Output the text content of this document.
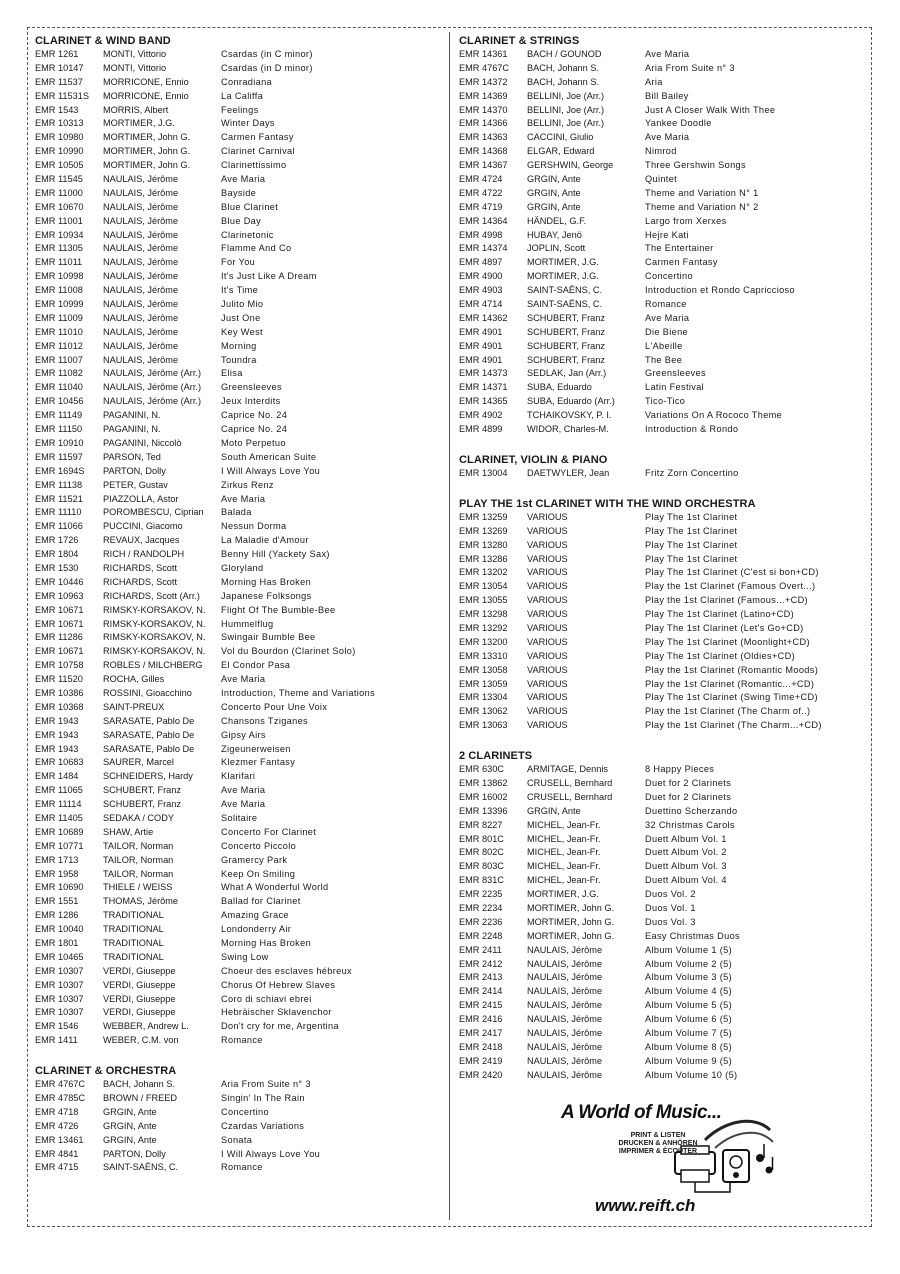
CLARINET & WIND BAND
EMR 1261	MONTI, Vittorio	Csardas (in C minor)
EMR 10147	MONTI, Vittorio	Csardas (in D minor)
EMR 11537	MORRICONE, Ennio	Conradiana
EMR 11531S	MORRICONE, Ennio	La Califfa
EMR 1543	MORRIS, Albert	Feelings
EMR 10313	MORTIMER, J.G.	Winter Days
EMR 10980	MORTIMER, John G.	Carmen Fantasy
EMR 10990	MORTIMER, John G.	Clarinet Carnival
EMR 10505	MORTIMER, John G.	Clarinettissimo
EMR 11545	NAULAIS, Jérôme	Ave Maria
EMR 11000	NAULAIS, Jérôme	Bayside
EMR 10670	NAULAIS, Jérôme	Blue Clarinet
EMR 11001	NAULAIS, Jérôme	Blue Day
EMR 10934	NAULAIS, Jérôme	Clarinetonic
EMR 11305	NAULAIS, Jérôme	Flamme And Co
EMR 11011	NAULAIS, Jérôme	For You
EMR 10998	NAULAIS, Jérôme	It's Just Like A Dream
EMR 11008	NAULAIS, Jérôme	It's Time
EMR 10999	NAULAIS, Jérôme	Julito Mio
EMR 11009	NAULAIS, Jérôme	Just One
EMR 11010	NAULAIS, Jérôme	Key West
EMR 11012	NAULAIS, Jérôme	Morning
EMR 11007	NAULAIS, Jérôme	Toundra
EMR 11082	NAULAIS, Jérôme (Arr.)	Elisa
EMR 11040	NAULAIS, Jérôme (Arr.)	Greensleeves
EMR 10456	NAULAIS, Jérôme (Arr.)	Jeux Interdits
EMR 11149	PAGANINI, N.	Caprice No. 24
EMR 11150	PAGANINI, N.	Caprice No. 24
EMR 10910	PAGANINI, Niccolò	Moto Perpetuo
EMR 11597	PARSON, Ted	South American Suite
EMR 1694S	PARTON, Dolly	I Will Always Love You
EMR 11138	PETER, Gustav	Zirkus Renz
EMR 11521	PIAZZOLLA, Astor	Ave Maria
EMR 11110	POROMBESCU, Ciprian	Balada
EMR 11066	PUCCINI, Giacomo	Nessun Dorma
EMR 1726	REVAUX, Jacques	La Maladie d'Amour
EMR 1804	RICH / RANDOLPH	Benny Hill (Yackety Sax)
EMR 1530	RICHARDS, Scott	Gloryland
EMR 10446	RICHARDS, Scott	Morning Has Broken
EMR 10963	RICHARDS, Scott (Arr.)	Japanese Folksongs
EMR 10671	RIMSKY-KORSAKOV, N.	Flight Of The Bumble-Bee
EMR 10671	RIMSKY-KORSAKOV, N.	Hummelflug
EMR 11286	RIMSKY-KORSAKOV, N.	Swingair Bumble Bee
EMR 10671	RIMSKY-KORSAKOV, N.	Vol du Bourdon (Clarinet Solo)
EMR 10758	ROBLES / MILCHBERG	El Condor Pasa
EMR 11520	ROCHA, Gilles	Ave Maria
EMR 10386	ROSSINI, Gioacchino	Introduction, Theme and Variations
EMR 10368	SAINT-PREUX	Concerto Pour Une Voix
EMR 1943	SARASATE, Pablo De	Chansons Tziganes
EMR 1943	SARASATE, Pablo De	Gipsy Airs
EMR 1943	SARASATE, Pablo De	Zigeunerweisen
EMR 10683	SAURER, Marcel	Klezmer Fantasy
EMR 1484	SCHNEIDERS, Hardy	Klarifari
EMR 11065	SCHUBERT, Franz	Ave Maria
EMR 11114	SCHUBERT, Franz	Ave Maria
EMR 11405	SEDAKA / CODY	Solitaire
EMR 10689	SHAW, Artie	Concerto For Clarinet
EMR 10771	TAILOR, Norman	Concerto Piccolo
EMR 1713	TAILOR, Norman	Gramercy Park
EMR 1958	TAILOR, Norman	Keep On Smiling
EMR 10690	THIELE / WEISS	What A Wonderful World
EMR 1551	THOMAS, Jérôme	Ballad for Clarinet
EMR 1286	TRADITIONAL	Amazing Grace
EMR 10040	TRADITIONAL	Londonderry Air
EMR 1801	TRADITIONAL	Morning Has Broken
EMR 10465	TRADITIONAL	Swing Low
EMR 10307	VERDI, Giuseppe	Choeur des esclaves hébreux
EMR 10307	VERDI, Giuseppe	Chorus Of Hebrew Slaves
EMR 10307	VERDI, Giuseppe	Coro di schiavi ebrei
EMR 10307	VERDI, Giuseppe	Hebräischer Sklavenchor
EMR 1546	WEBBER, Andrew L.	Don't cry for me, Argentina
EMR 1411	WEBER, C.M. von	Romance
CLARINET & ORCHESTRA
EMR 4767C	BACH, Johann S.	Aria From Suite n° 3
EMR 4785C	BROWN / FREED	Singin' In The Rain
EMR 4718	GRGIN, Ante	Concertino
EMR 4726	GRGIN, Ante	Czardas Variations
EMR 13461	GRGIN, Ante	Sonata
EMR 4841	PARTON, Dolly	I Will Always Love You
EMR 4715	SAINT-SAËNS, C.	Romance
CLARINET & STRINGS
EMR 14361	BACH / GOUNOD	Ave Maria
EMR 4767C	BACH, Johann S.	Aria From Suite n° 3
EMR 14372	BACH, Johann S.	Aria
EMR 14369	BELLINI, Joe (Arr.)	Bill Bailey
EMR 14370	BELLINI, Joe (Arr.)	Just A Closer Walk With Thee
EMR 14366	BELLINI, Joe (Arr.)	Yankee Doodle
EMR 14363	CACCINI, Giulio	Ave Maria
EMR 14368	ELGAR, Edward	Nimrod
EMR 14367	GERSHWIN, George	Three Gershwin Songs
EMR 4724	GRGIN, Ante	Quintet
EMR 4722	GRGIN, Ante	Theme and Variation N° 1
EMR 4719	GRGIN, Ante	Theme and Variation N° 2
EMR 14364	HÄNDEL, G.F.	Largo from Xerxes
EMR 4998	HUBAY, Jenö	Hejre Kati
EMR 14374	JOPLIN, Scott	The Entertainer
EMR 4897	MORTIMER, J.G.	Carmen Fantasy
EMR 4900	MORTIMER, J.G.	Concertino
EMR 4903	SAINT-SAËNS, C.	Introduction et Rondo Capriccioso
EMR 4714	SAINT-SAËNS, C.	Romance
EMR 14362	SCHUBERT, Franz	Ave Maria
EMR 4901	SCHUBERT, Franz	Die Biene
EMR 4901	SCHUBERT, Franz	L'Abeille
EMR 4901	SCHUBERT, Franz	The Bee
EMR 14373	SEDLAK, Jan (Arr.)	Greensleeves
EMR 14371	SUBA, Eduardo	Latin Festival
EMR 14365	SUBA, Eduardo (Arr.)	Tico-Tico
EMR 4902	TCHAIKOVSKY, P. I.	Variations On A Rococo Theme
EMR 4899	WIDOR, Charles-M.	Introduction & Rondo
CLARINET, VIOLIN & PIANO
EMR 13004	DAETWYLER, Jean	Fritz Zorn Concertino
PLAY THE 1st CLARINET WITH THE WIND ORCHESTRA
EMR 13259	VARIOUS	Play The 1st Clarinet
EMR 13269	VARIOUS	Play The 1st Clarinet
EMR 13280	VARIOUS	Play The 1st Clarinet
EMR 13286	VARIOUS	Play The 1st Clarinet
EMR 13202	VARIOUS	Play The 1st Clarinet (C'est si bon+CD)
EMR 13054	VARIOUS	Play the 1st Clarinet (Famous Overt...)
EMR 13055	VARIOUS	Play the 1st Clarinet (Famous...+CD)
EMR 13298	VARIOUS	Play The 1st Clarinet (Latino+CD)
EMR 13292	VARIOUS	Play The 1st Clarinet (Let's Go+CD)
EMR 13200	VARIOUS	Play The 1st Clarinet (Moonlight+CD)
EMR 13310	VARIOUS	Play The 1st Clarinet (Oldies+CD)
EMR 13058	VARIOUS	Play the 1st Clarinet (Romantic Moods)
EMR 13059	VARIOUS	Play the 1st Clarinet (Romantic...+CD)
EMR 13304	VARIOUS	Play The 1st Clarinet (Swing Time+CD)
EMR 13062	VARIOUS	Play the 1st Clarinet (The Charm of..)
EMR 13063	VARIOUS	Play the 1st Clarinet (The Charm...+CD)
2 CLARINETS
EMR 630C	ARMITAGE, Dennis	8 Happy Pieces
EMR 13862	CRUSELL, Bernhard	Duet for 2 Clarinets
EMR 16002	CRUSELL, Bernhard	Duet for 2 Clarinets
EMR 13396	GRGIN, Ante	Duettino Scherzando
EMR 8227	MICHEL, Jean-Fr.	32 Christmas Carols
EMR 801C	MICHEL, Jean-Fr.	Duett Album Vol. 1
EMR 802C	MICHEL, Jean-Fr.	Duett Album Vol. 2
EMR 803C	MICHEL, Jean-Fr.	Duett Album Vol. 3
EMR 831C	MICHEL, Jean-Fr.	Duett Album Vol. 4
EMR 2235	MORTIMER, J.G.	Duos Vol. 2
EMR 2234	MORTIMER, John G.	Duos Vol. 1
EMR 2236	MORTIMER, John G.	Duos Vol. 3
EMR 2248	MORTIMER, John G.	Easy Christmas Duos
EMR 2411	NAULAIS, Jérôme	Album Volume 1 (5)
EMR 2412	NAULAIS, Jérôme	Album Volume 2 (5)
EMR 2413	NAULAIS, Jérôme	Album Volume 3 (5)
EMR 2414	NAULAIS, Jérôme	Album Volume 4 (5)
EMR 2415	NAULAIS, Jérôme	Album Volume 5 (5)
EMR 2416	NAULAIS, Jérôme	Album Volume 6 (5)
EMR 2417	NAULAIS, Jérôme	Album Volume 7 (5)
EMR 2418	NAULAIS, Jérôme	Album Volume 8 (5)
EMR 2419	NAULAIS, Jérôme	Album Volume 9 (5)
EMR 2420	NAULAIS, Jérôme	Album Volume 10 (5)
A World of Music...
PRINT & LISTEN
DRUCKEN & ANHÖREN
IMPRIMER & ÉCOUTER
www.reift.ch
